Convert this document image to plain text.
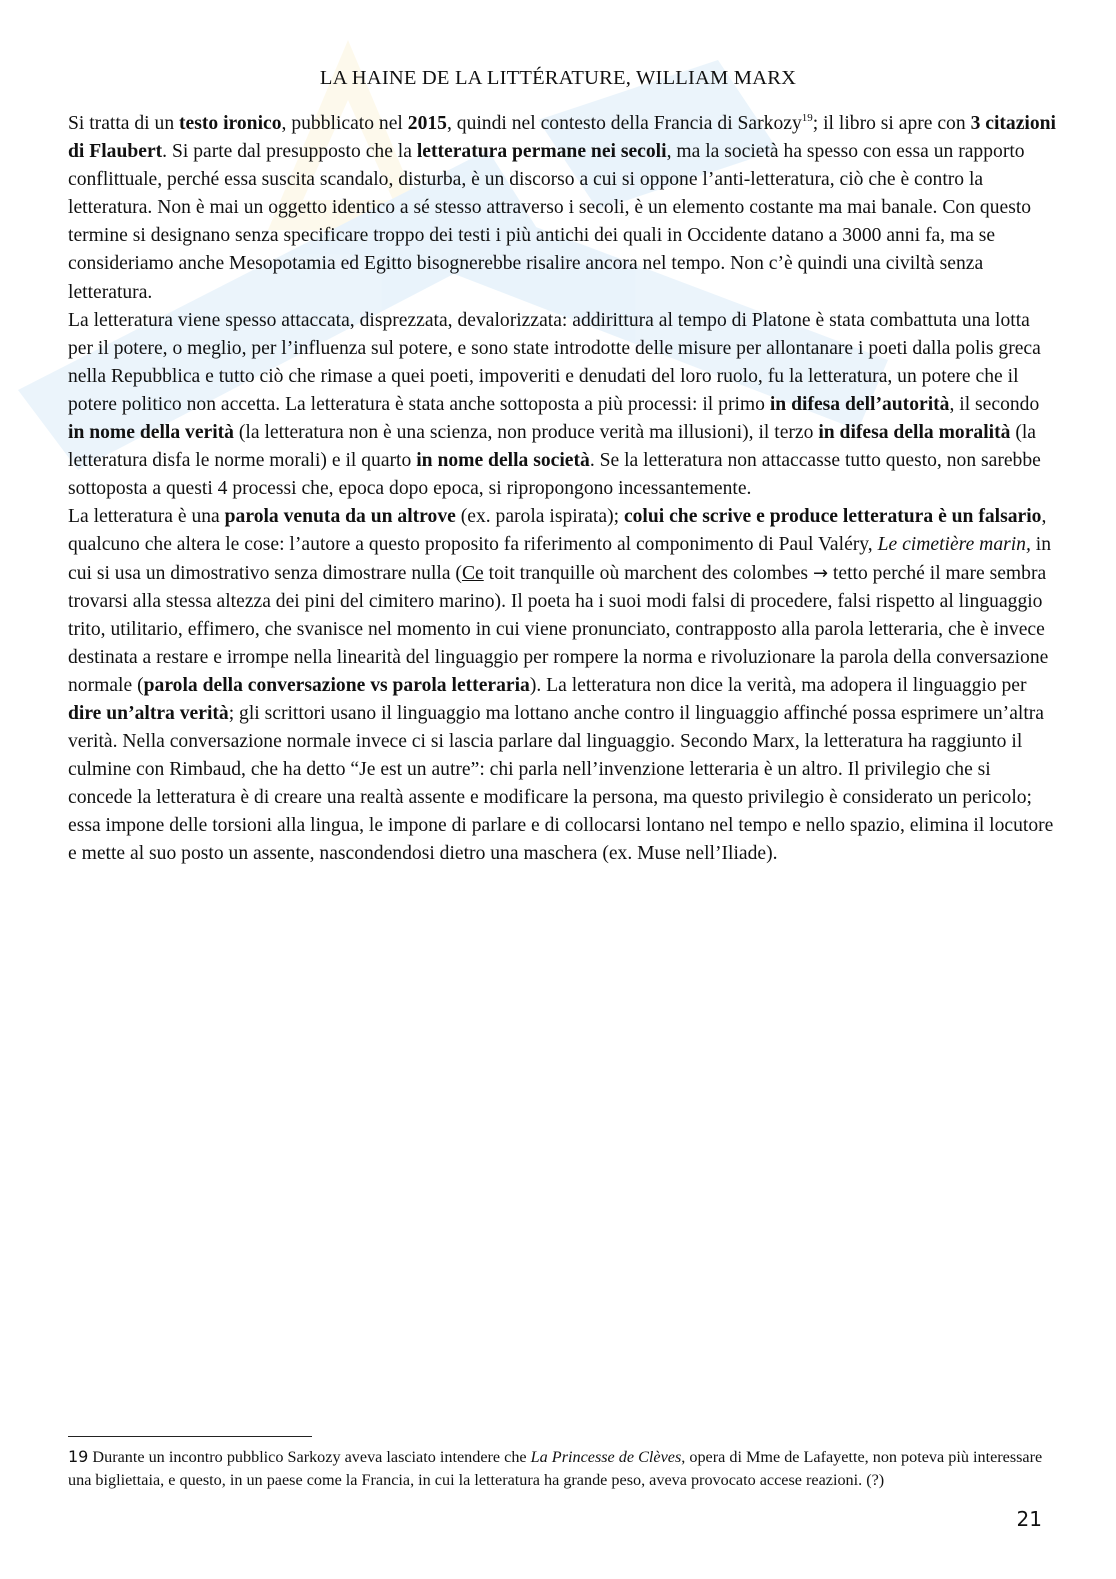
LA HAINE DE LA LITTÉRATURE, WILLIAM MARX

Si tratta di un testo ironico, pubblicato nel 2015, quindi nel contesto della Francia di Sarkozy$^{19}$; il libro si apre con 3 citazioni di Flaubert. Si parte dal presupposto che la letteratura permane nei secoli, ma la società ha spesso con essa un rapporto conflittuale, perché essa suscita scandalo, disturba, è un discorso a cui si oppone l’anti-letteratura, ciò che è contro la letteratura. Non è mai un oggetto identico a sé stesso attraverso i secoli, è un elemento costante ma mai banale. Con questo termine si designano senza specificare troppo dei testi i più antichi dei quali in Occidente datano a 3000 anni fa, ma se consideriamo anche Mesopotamia ed Egitto bisognerebbe risalire ancora nel tempo. Non c’è quindi una civiltà senza letteratura.

La letteratura viene spesso attaccata, disprezzata, devalorizzata: addirittura al tempo di Platone è stata combattuta una lotta per il potere, o meglio, per l’influenza sul potere, e sono state introdotte delle misure per allontanare i poeti dalla polis greca nella Repubblica e tutto ciò che rimase a quei poeti, impoveriti e denudati del loro ruolo, fu la letteratura, un potere che il potere politico non accetta. La letteratura è stata anche sottoposta a più processi: il primo in difesa dell’autorità, il secondo in nome della verità (la letteratura non è una scienza, non produce verità ma illusioni), il terzo in difesa della moralità (la letteratura disfa le norme morali) e il quarto in nome della società. Se la letteratura non attaccasse tutto questo, non sarebbe sottoposta a questi 4 processi che, epoca dopo epoca, si ripropongono incessantemente.

La letteratura è una parola venuta da un altrove (ex. parola ispirata); colui che scrive e produce letteratura è un falsario, qualcuno che altera le cose: l’autore a questo proposito fa riferimento al componimento di Paul Valéry, Le cimetière marin, in cui si usa un dimostrativo senza dimostrare nulla (Ce toit tranquille où marchent des colombes → tetto perché il mare sembra trovarsi alla stessa altezza dei pini del cimitero marino). Il poeta ha i suoi modi falsi di procedere, falsi rispetto al linguaggio trito, utilitario, effimero, che svanisce nel momento in cui viene pronunciato, contrapposto alla parola letteraria, che è invece destinata a restare e irrompe nella linearità del linguaggio per rompere la norma e rivoluzionare la parola della conversazione normale (parola della conversazione vs parola letteraria). La letteratura non dice la verità, ma adopera il linguaggio per dire un’altra verità; gli scrittori usano il linguaggio ma lottano anche contro il linguaggio affinché possa esprimere un’altra verità. Nella conversazione normale invece ci si lascia parlare dal linguaggio. Secondo Marx, la letteratura ha raggiunto il culmine con Rimbaud, che ha detto “Je est un autre”: chi parla nell’invenzione letteraria è un altro. Il privilegio che si concede la letteratura è di creare una realtà assente e modificare la persona, ma questo privilegio è considerato un pericolo; essa impone delle torsioni alla lingua, le impone di parlare e di collocarsi lontano nel tempo e nello spazio, elimina il locutore e mette al suo posto un assente, nascondendosi dietro una maschera (ex. Muse nell’Iliade).

19 Durante un incontro pubblico Sarkozy aveva lasciato intendere che La Princesse de Clèves, opera di Mme de Lafayette, non poteva più interessare una bigliettaia, e questo, in un paese come la Francia, in cui la letteratura ha grande peso, aveva provocato accese reazioni. (?)
21
